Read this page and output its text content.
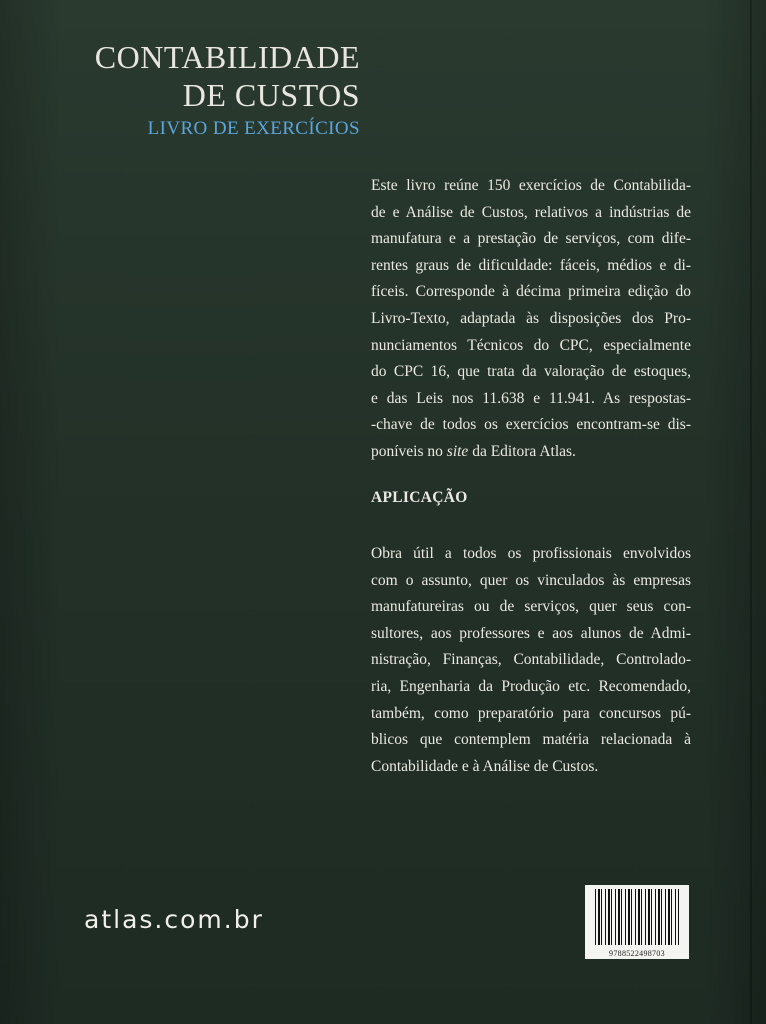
CONTABILIDADE
DE CUSTOS
LIVRO DE EXERCÍCIOS

Este livro reúne 150 exercícios de Contabilida-

de e Análise de Custos, relativos a indústrias de

manufatura e a prestação de serviços, com dife-

rentes graus de dificuldade: fáceis, médios e di-

fíceis. Corresponde à décima primeira edição do

Livro-Texto, adaptada às disposições dos Pro-

nunciamentos Técnicos do CPC, especialmente

do CPC 16, que trata da valoração de estoques,

e das Leis nos 11.638 e 11.941. As respostas-

-chave de todos os exercícios encontram-se dis-

poníveis no site da Editora Atlas.

APLICAÇÃO

Obra útil a todos os profissionais envolvidos

com o assunto, quer os vinculados às empresas

manufatureiras ou de serviços, quer seus con-

sultores, aos professores e aos alunos de Admi-

nistração, Finanças, Contabilidade, Controlado-

ria, Engenharia da Produção etc. Recomendado,

também, como preparatório para concursos pú-

blicos que contemplem matéria relacionada à

Contabilidade e à Análise de Custos.

atlas.com.br
9788522498703
